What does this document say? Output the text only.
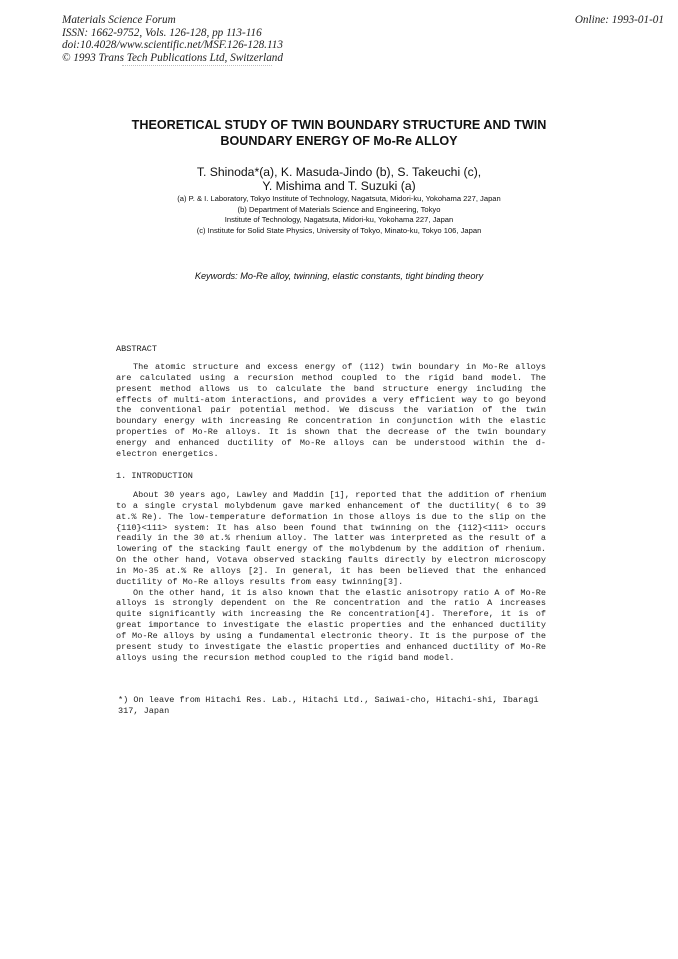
Materials Science Forum
ISSN: 1662-9752, Vols. 126-128, pp 113-116
doi:10.4028/www.scientific.net/MSF.126-128.113
© 1993 Trans Tech Publications Ltd, Switzerland
Online: 1993-01-01
THEORETICAL STUDY OF TWIN BOUNDARY STRUCTURE AND TWIN BOUNDARY ENERGY OF Mo-Re ALLOY
T. Shinoda*(a), K. Masuda-Jindo (b), S. Takeuchi (c),
Y. Mishima and T. Suzuki (a)
(a) P. & I. Laboratory, Tokyo Institute of Technology, Nagatsuta, Midori-ku, Yokohama 227, Japan
(b) Department of Materials Science and Engineering, Tokyo
Institute of Technology, Nagatsuta, Midori-ku, Yokohama 227, Japan
(c) Institute for Solid State Physics, University of Tokyo, Minato-ku, Tokyo 106, Japan
Keywords: Mo-Re alloy, twinning, elastic constants, tight binding theory
ABSTRACT

The atomic structure and excess energy of (112) twin boundary in Mo-Re alloys are calculated using a recursion method coupled to the rigid band model. The present method allows us to calculate the band structure energy including the effects of multi-atom interactions, and provides a very efficient way to go beyond the conventional pair potential method. We discuss the variation of the twin boundary energy with increasing Re concentration in conjunction with the elastic properties of Mo-Re alloys. It is shown that the decrease of the twin boundary energy and enhanced ductility of Mo-Re alloys can be understood within the d-electron energetics.

1. INTRODUCTION

About 30 years ago, Lawley and Maddin [1], reported that the addition of rhenium to a single crystal molybdenum gave marked enhancement of the ductility( 6 to 39 at.% Re). The low-temperature deformation in those alloys is due to the slip on the {110}<111> system: It has also been found that twinning on the {112}<111> occurs readily in the 30 at.% rhenium alloy. The latter was interpreted as the result of a lowering of the stacking fault energy of the molybdenum by the addition of rhenium. On the other hand, Votava observed stacking faults directly by electron microscopy in Mo-35 at.% Re alloys [2]. In general, it has been believed that the enhanced ductility of Mo-Re alloys results from easy twinning[3].

On the other hand, it is also known that the elastic anisotropy ratio A of Mo-Re alloys is strongly dependent on the Re concentration and the ratio A increases quite significantly with increasing the Re concentration[4]. Therefore, it is of great importance to investigate the elastic properties and the enhanced ductility of Mo-Re alloys by using a fundamental electronic theory. It is the purpose of the present study to investigate the elastic properties and enhanced ductility of Mo-Re alloys using the recursion method coupled to the rigid band model.

*) On leave from Hitachi Res. Lab., Hitachi Ltd., Saiwai-cho, Hitachi-shi, Ibaragi 317, Japan
